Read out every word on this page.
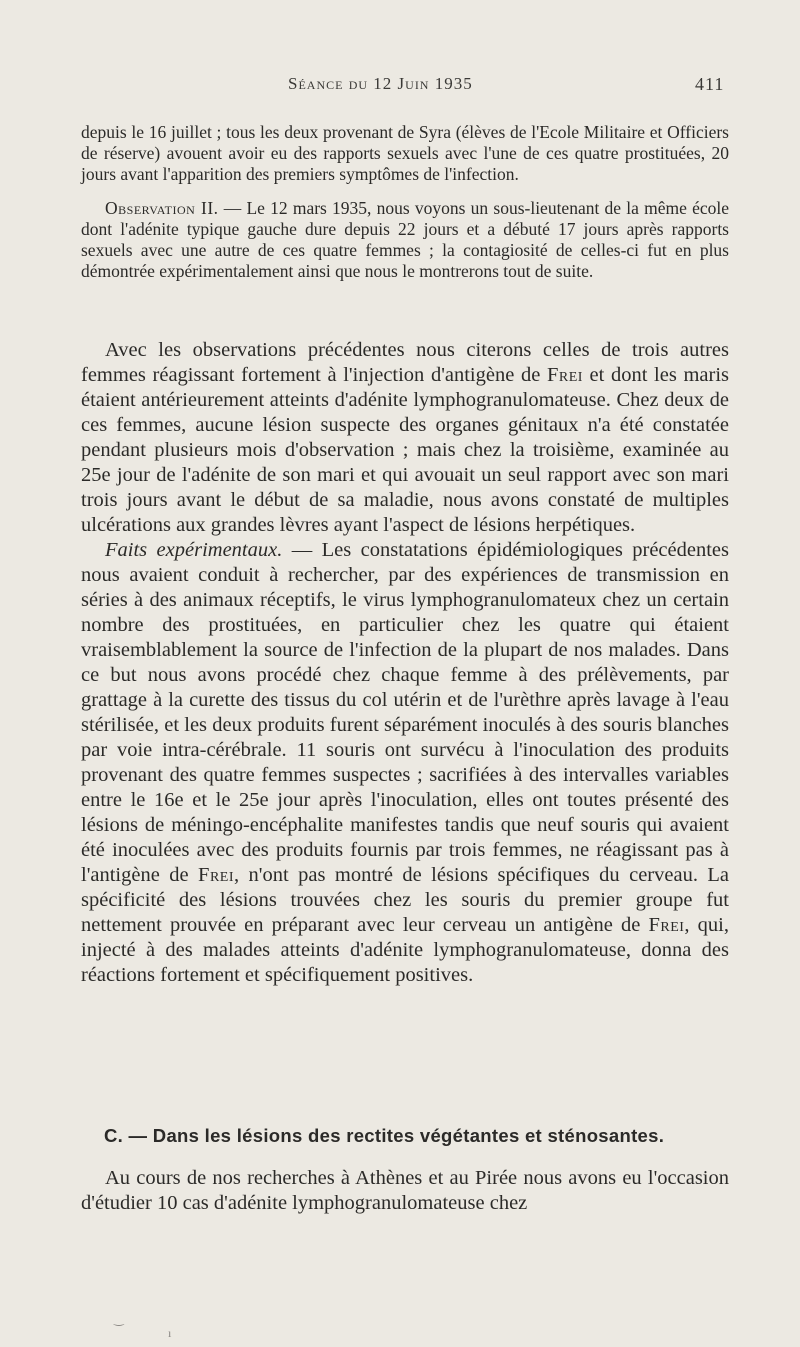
Séance du 12 Juin 1935	411

depuis le 16 juillet ; tous les deux provenant de Syra (élèves de l'Ecole Militaire et Officiers de réserve) avouent avoir eu des rapports sexuels avec l'une de ces quatre prostituées, 20 jours avant l'apparition des premiers symptômes de l'infection.

Observation II. — Le 12 mars 1935, nous voyons un sous-lieutenant de la même école dont l'adénite typique gauche dure depuis 22 jours et a débuté 17 jours après rapports sexuels avec une autre de ces quatre femmes ; la contagiosité de celles-ci fut en plus démontrée expérimentalement ainsi que nous le montrerons tout de suite.

Avec les observations précédentes nous citerons celles de trois autres femmes réagissant fortement à l'injection d'antigène de Frei et dont les maris étaient antérieurement atteints d'adénite lymphogranulomateuse. Chez deux de ces femmes, aucune lésion suspecte des organes génitaux n'a été constatée pendant plusieurs mois d'observation ; mais chez la troisième, examinée au 25e jour de l'adénite de son mari et qui avouait un seul rapport avec son mari trois jours avant le début de sa maladie, nous avons constaté de multiples ulcérations aux grandes lèvres ayant l'aspect de lésions herpétiques.

Faits expérimentaux. — Les constatations épidémiologiques précédentes nous avaient conduit à rechercher, par des expériences de transmission en séries à des animaux réceptifs, le virus lymphogranulomateux chez un certain nombre des prostituées, en particulier chez les quatre qui étaient vraisemblablement la source de l'infection de la plupart de nos malades. Dans ce but nous avons procédé chez chaque femme à des prélèvements, par grattage à la curette des tissus du col utérin et de l'urèthre après lavage à l'eau stérilisée, et les deux produits furent séparément inoculés à des souris blanches par voie intra-cérébrale. 11 souris ont survécu à l'inoculation des produits provenant des quatre femmes suspectes ; sacrifiées à des intervalles variables entre le 16e et le 25e jour après l'inoculation, elles ont toutes présenté des lésions de méningo-encéphalite manifestes tandis que neuf souris qui avaient été inoculées avec des produits fournis par trois femmes, ne réagissant pas à l'antigène de Frei, n'ont pas montré de lésions spécifiques du cerveau. La spécificité des lésions trouvées chez les souris du premier groupe fut nettement prouvée en préparant avec leur cerveau un antigène de Frei, qui, injecté à des malades atteints d'adénite lymphogranulomateuse, donna des réactions fortement et spécifiquement positives.

C. — Dans les lésions des rectites végétantes et sténosantes.

Au cours de nos recherches à Athènes et au Pirée nous avons eu l'occasion d'étudier 10 cas d'adénite lymphogranulomateuse chez

‿
ı
